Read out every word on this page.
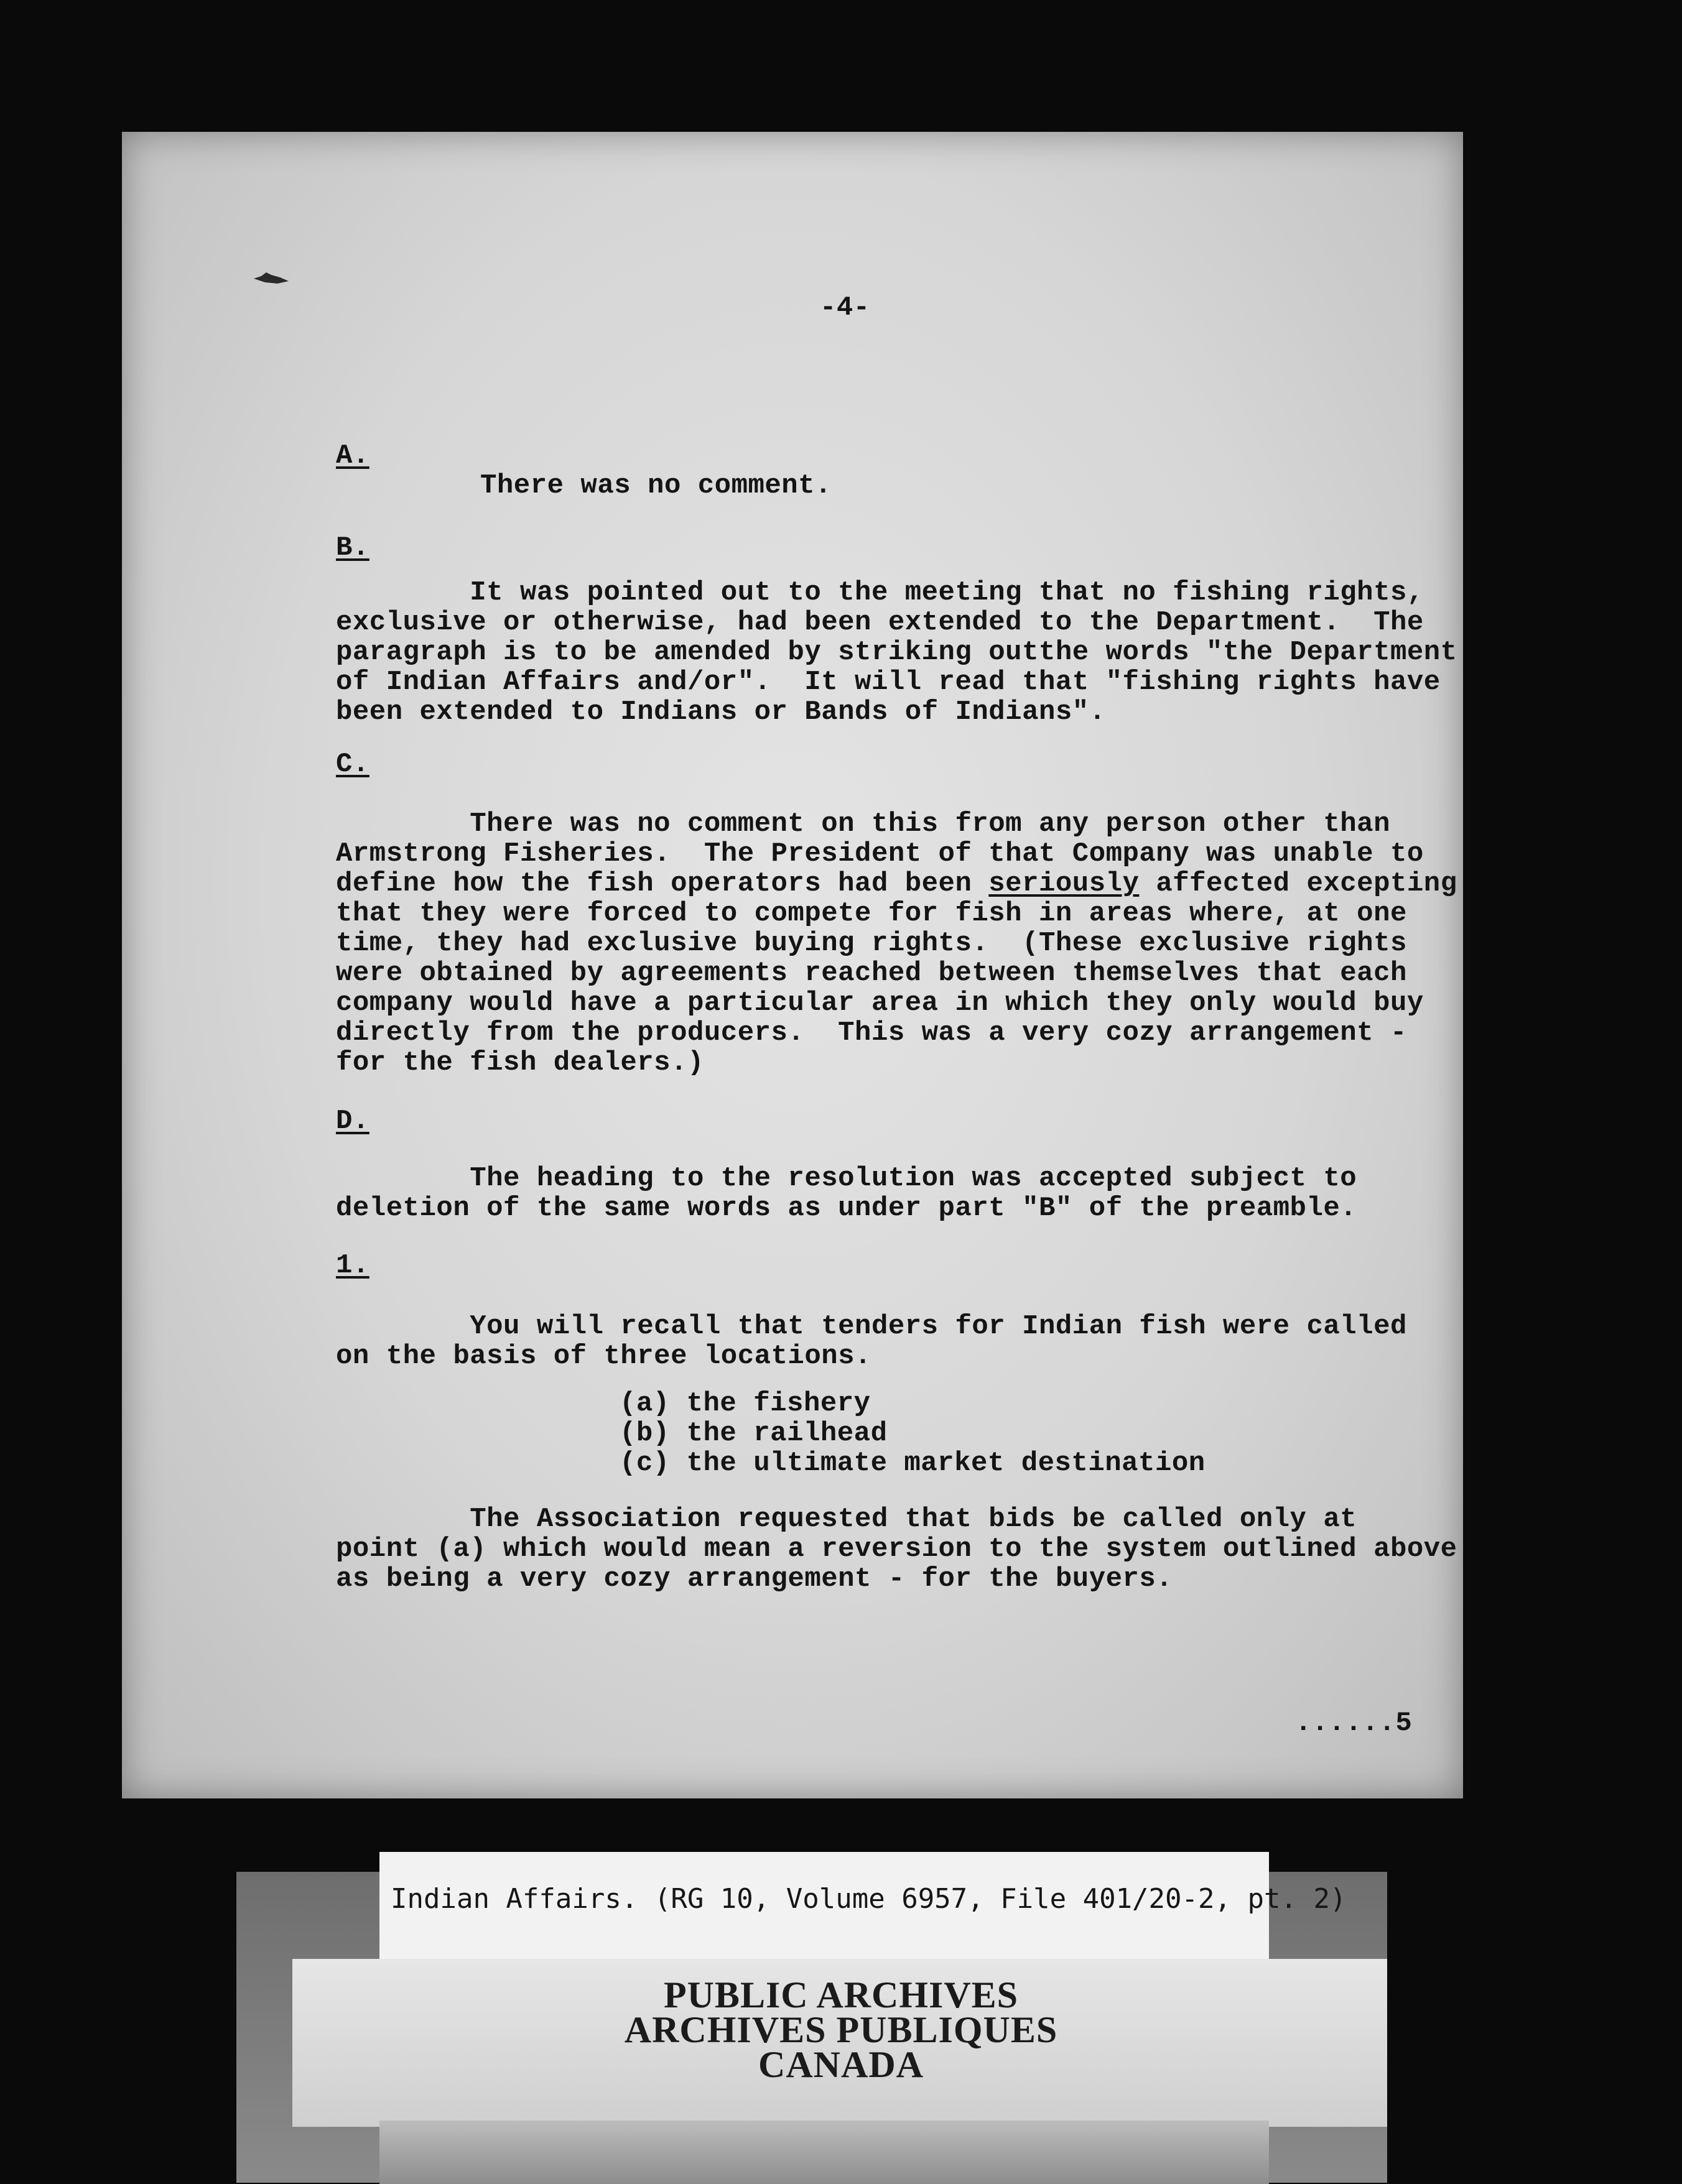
-4-
A.
There was no comment.
B.
It was pointed out to the meeting that no fishing rights,
exclusive or otherwise, had been extended to the Department.  The
paragraph is to be amended by striking outthe words "the Department
of Indian Affairs and/or".  It will read that "fishing rights have
been extended to Indians or Bands of Indians".
C.
There was no comment on this from any person other than
Armstrong Fisheries.  The President of that Company was unable to
define how the fish operators had been seriously affected excepting
that they were forced to compete for fish in areas where, at one
time, they had exclusive buying rights.  (These exclusive rights
were obtained by agreements reached between themselves that each
company would have a particular area in which they only would buy
directly from the producers.  This was a very cozy arrangement -
for the fish dealers.)
D.
The heading to the resolution was accepted subject to
deletion of the same words as under part "B" of the preamble.
1.
You will recall that tenders for Indian fish were called
on the basis of three locations.
(a) the fishery
(b) the railhead
(c) the ultimate market destination
The Association requested that bids be called only at
point (a) which would mean a reversion to the system outlined above
as being a very cozy arrangement - for the buyers.
......5
Indian Affairs. (RG 10, Volume 6957, File 401/20-2, pt. 2)
PUBLIC ARCHIVES
ARCHIVES PUBLIQUES
CANADA
